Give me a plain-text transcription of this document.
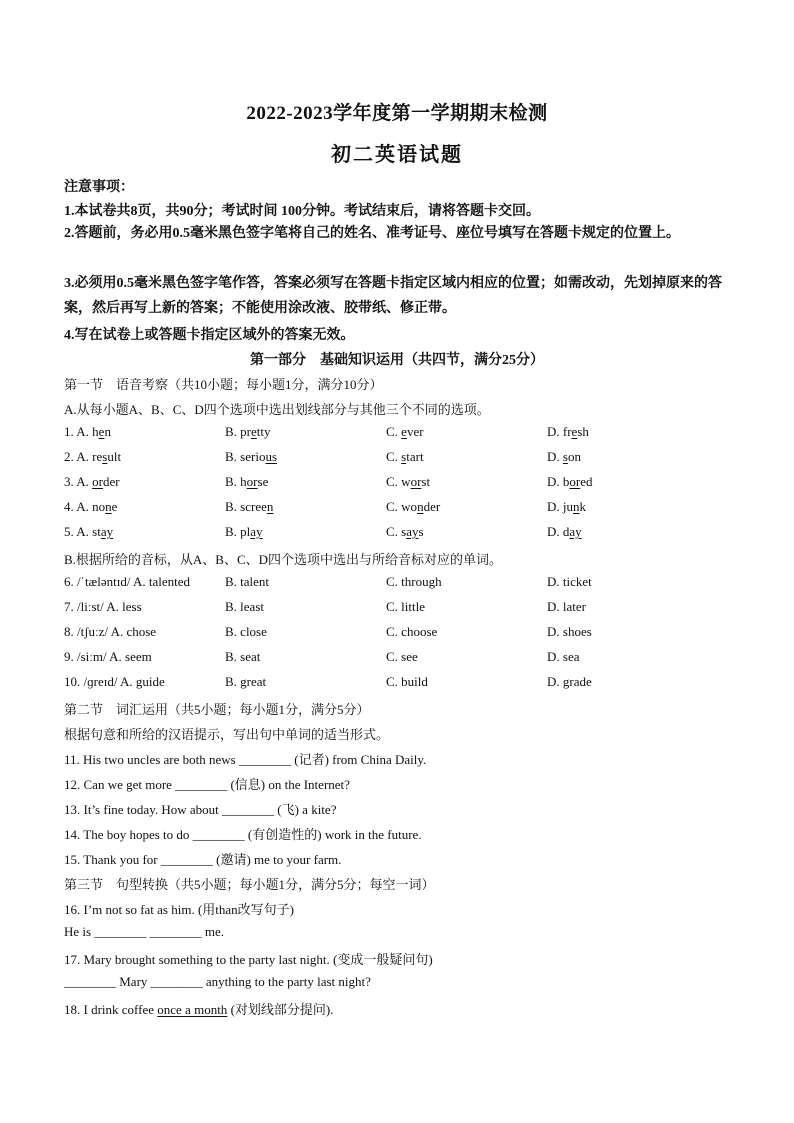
2022-2023学年度第一学期期末检测
初二英语试题
注意事项：
1.本试卷共8页，共90分；考试时间 100分钟。考试结束后，请将答题卡交回。
2.答题前，务必用0.5毫米黑色签字笔将自己的姓名、准考证号、座位号填写在答题卡规定的位置上。
3.必须用0.5毫米黑色签字笔作答，答案必须写在答题卡指定区域内相应的位置；如需改动，先划掉原来的答案，然后再写上新的答案；不能使用涂改液、胶带纸、修正带。
4.写在试卷上或答题卡指定区域外的答案无效。
第一部分　基础知识运用（共四节，满分25分）
第一节　语音考察（共10小题；每小题1分，满分10分）
A.从每小题A、B、C、D四个选项中选出划线部分与其他三个不同的选项。
1. A. hen	B. pretty	C. ever	D. fresh
2. A. result	B. serious	C. start	D. son
3. A. order	B. horse	C. worst	D. bored
4. A. none	B. screen	C. wonder	D. junk
5. A. stay	B. play	C. says	D. day
B.根据所给的音标，从A、B、C、D四个选项中选出与所给音标对应的单词。
6. /ˈtæləntɪd/ A. talented	B. talent	C. through	D. ticket
7. /liːst/ A. less	B. least	C. little	D. later
8. /tʃuːz/ A. chose	B. close	C. choose	D. shoes
9. /siːm/ A. seem	B. seat	C. see	D. sea
10. /ɡreɪd/ A. guide	B. great	C. build	D. grade
第二节　词汇运用（共5小题；每小题1分，满分5分）
根据句意和所给的汉语提示，写出句中单词的适当形式。
11. His two uncles are both news ________ (记者) from China Daily.
12. Can we get more ________ (信息) on the Internet?
13. It’s fine today. How about ________ (飞) a kite?
14. The boy hopes to do ________ (有创造性的) work in the future.
15. Thank you for ________ (邀请) me to your farm.
第三节　句型转换（共5小题；每小题1分，满分5分；每空一词）
16. I’m not so fat as him. (用than改写句子)
He is ________ ________ me.
17. Mary brought something to the party last night. (变成一般疑问句)
________ Mary ________ anything to the party last night?
18. I drink coffee once a month (对划线部分提问).
